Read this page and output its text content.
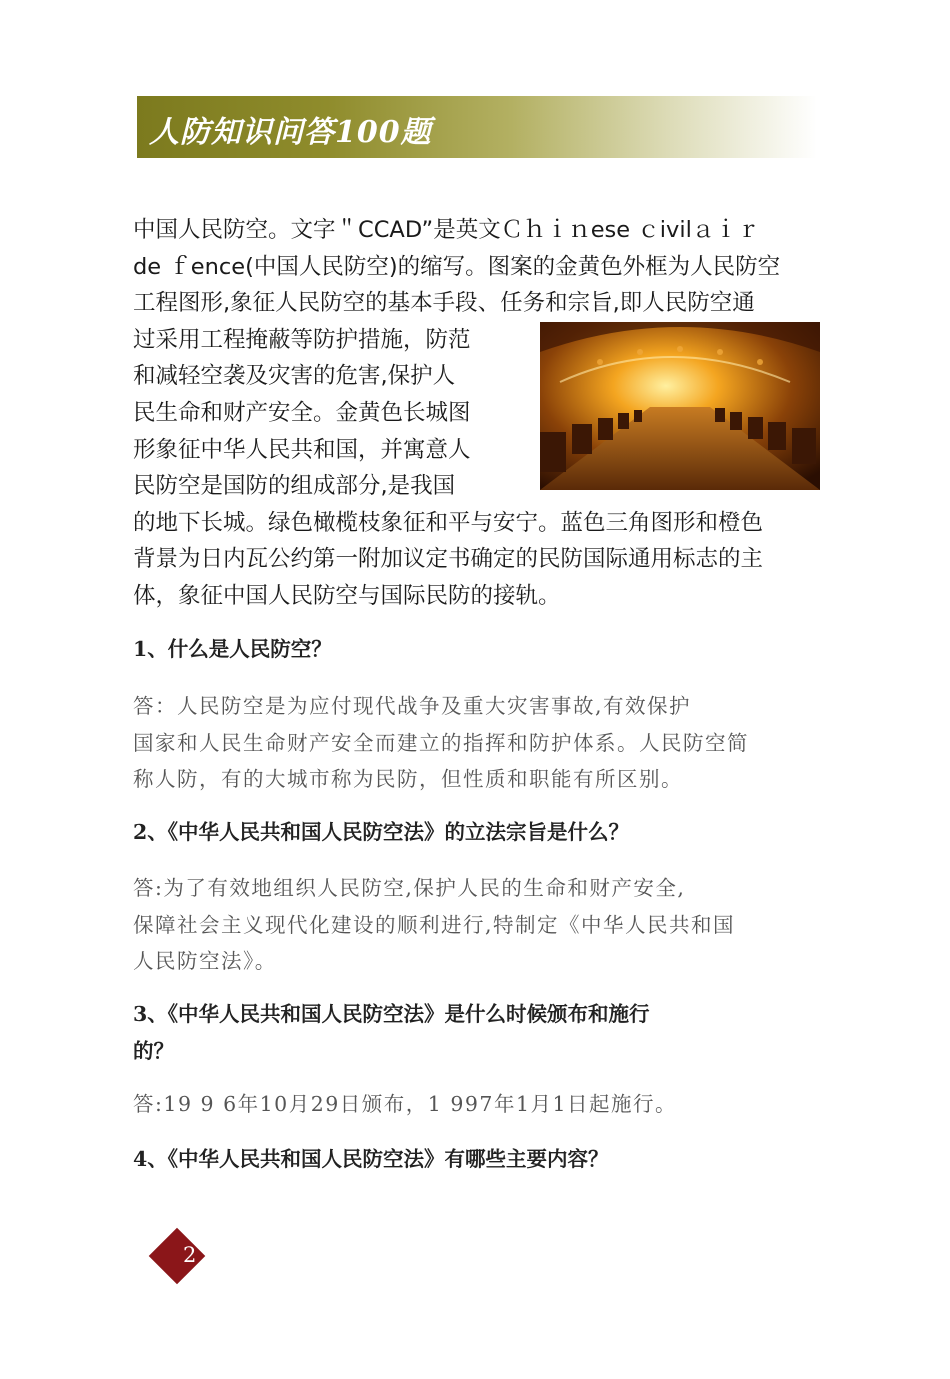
人防知识问答100题
中国人民防空。文字＂CCAD”是英文Ｃｈｉｎese ｃivilａｉｒ
de ｆence(中国人民防空)的缩写。图案的金黄色外框为人民防空
工程图形,象征人民防空的基本手段、任务和宗旨,即人民防空通
过采用工程掩蔽等防护措施，防范
和减轻空袭及灾害的危害,保护人
民生命和财产安全。金黄色长城图
形象征中华人民共和国，并寓意人
民防空是国防的组成部分,是我国
的地下长城。绿色橄榄枝象征和平与安宁。蓝色三角图形和橙色
背景为日内瓦公约第一附加议定书确定的民防国际通用标志的主
体，象征中国人民防空与国际民防的接轨。
1、什么是人民防空？
答：人民防空是为应付现代战争及重大灾害事故,有效保护
国家和人民生命财产安全而建立的指挥和防护体系。人民防空简
称人防，有的大城市称为民防，但性质和职能有所区别。
2、《中华人民共和国人民防空法》的立法宗旨是什么？
答:为了有效地组织人民防空,保护人民的生命和财产安全,
保障社会主义现代化建设的顺利进行,特制定《中华人民共和国
人民防空法》。
3、《中华人民共和国人民防空法》是什么时候颁布和施行
的？
答:19 9 6年10月29日颁布，1 997年1月1日起施行。
4、《中华人民共和国人民防空法》有哪些主要内容？
2
